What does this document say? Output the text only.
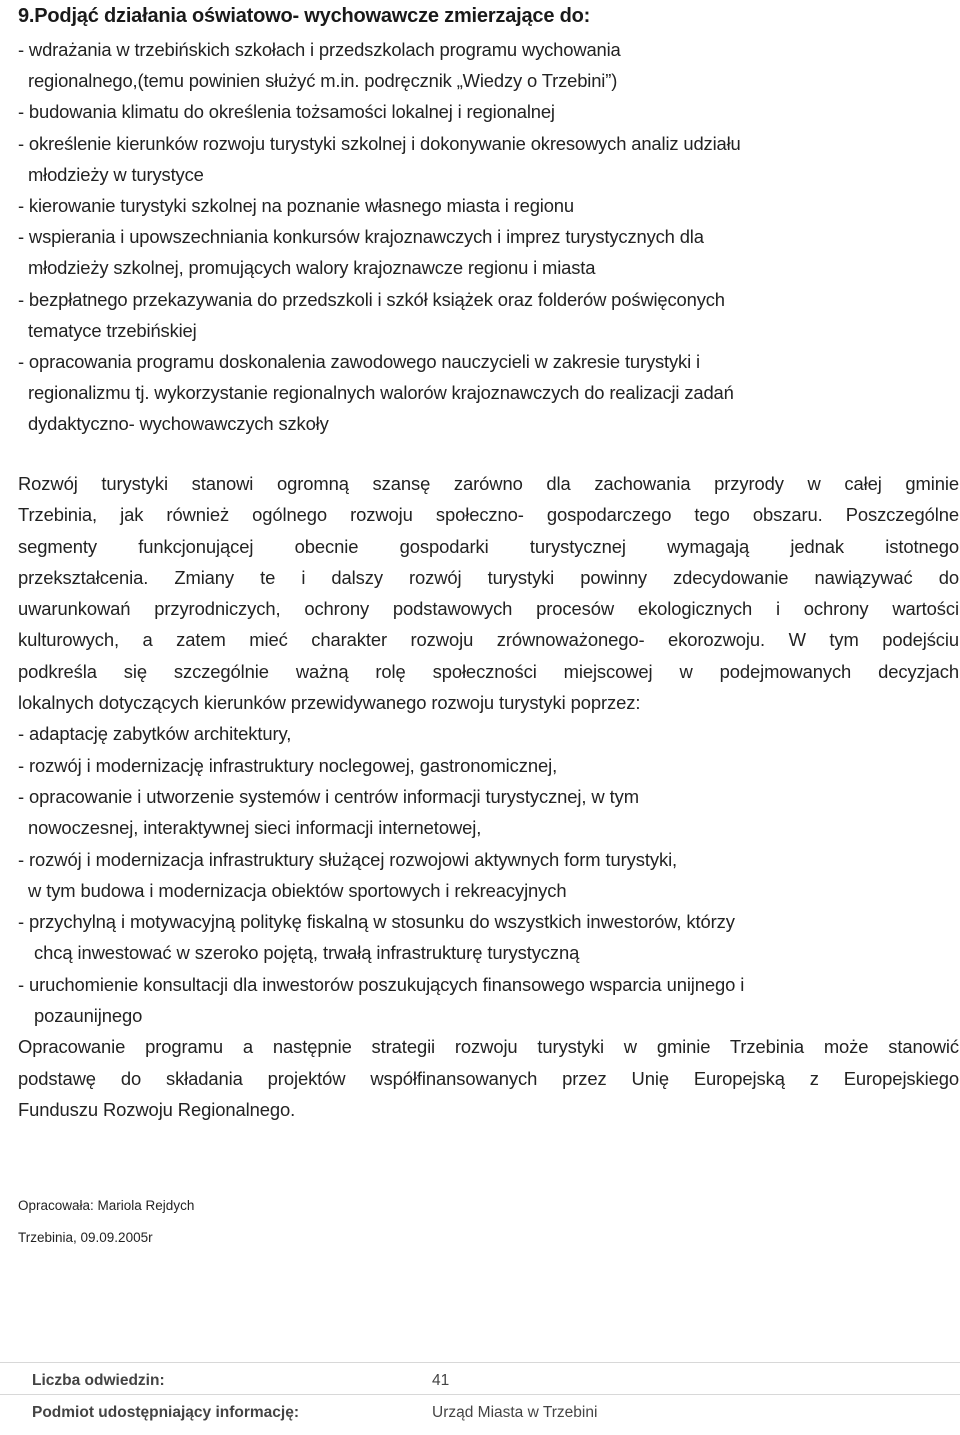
9.Podjąć działania oświatowo- wychowawcze zmierzające do:
- wdrażania w trzebińskich szkołach i przedszkolach programu wychowania
regionalnego,(temu powinien służyć m.in. podręcznik „Wiedzy o Trzebini”)
- budowania klimatu do określenia tożsamości lokalnej i regionalnej
- określenie kierunków rozwoju turystyki szkolnej i dokonywanie okresowych analiz udziału
młodzieży w turystyce
- kierowanie turystyki szkolnej na poznanie własnego miasta i regionu
- wspierania i upowszechniania konkursów krajoznawczych i imprez turystycznych dla
młodzieży szkolnej, promujących walory krajoznawcze regionu i miasta
- bezpłatnego przekazywania do przedszkoli i szkół książek oraz folderów poświęconych
tematyce trzebińskiej
- opracowania programu doskonalenia zawodowego nauczycieli w zakresie turystyki i
regionalizmu tj. wykorzystanie regionalnych walorów krajoznawczych do realizacji zadań
dydaktyczno- wychowawczych szkoły
Rozwój turystyki stanowi ogromną szansę zarówno dla zachowania przyrody w całej gminie
Trzebinia, jak również ogólnego rozwoju społeczno- gospodarczego tego obszaru. Poszczególne
segmenty funkcjonującej obecnie gospodarki turystycznej wymagają jednak istotnego
przekształcenia. Zmiany te i dalszy rozwój turystyki powinny zdecydowanie nawiązywać do
uwarunkowań przyrodniczych, ochrony podstawowych procesów ekologicznych i ochrony wartości
kulturowych, a zatem mieć charakter rozwoju zrównoważonego- ekorozwoju. W tym podejściu
podkreśla się szczególnie ważną rolę społeczności miejscowej w podejmowanych decyzjach
lokalnych dotyczących kierunków przewidywanego rozwoju turystyki poprzez:
- adaptację zabytków architektury,
- rozwój i modernizację infrastruktury noclegowej, gastronomicznej,
- opracowanie i utworzenie systemów i centrów informacji turystycznej, w tym
nowoczesnej, interaktywnej sieci informacji internetowej,
- rozwój i modernizacja infrastruktury służącej rozwojowi aktywnych form turystyki,
w tym budowa i modernizacja obiektów sportowych i rekreacyjnych
- przychylną i motywacyjną politykę fiskalną w stosunku do wszystkich inwestorów, którzy
chcą inwestować w szeroko pojętą, trwałą infrastrukturę turystyczną
- uruchomienie konsultacji dla inwestorów poszukujących finansowego wsparcia unijnego i
pozaunijnego
Opracowanie programu a następnie strategii rozwoju turystyki w gminie Trzebinia może stanowić
podstawę do składania projektów współfinansowanych przez Unię Europejską z Europejskiego
Funduszu Rozwoju Regionalnego.
Opracowała: Mariola Rejdych
Trzebinia, 09.09.2005r
Liczba odwiedzin:	41
Podmiot udostępniający informację:	Urząd Miasta w Trzebini
